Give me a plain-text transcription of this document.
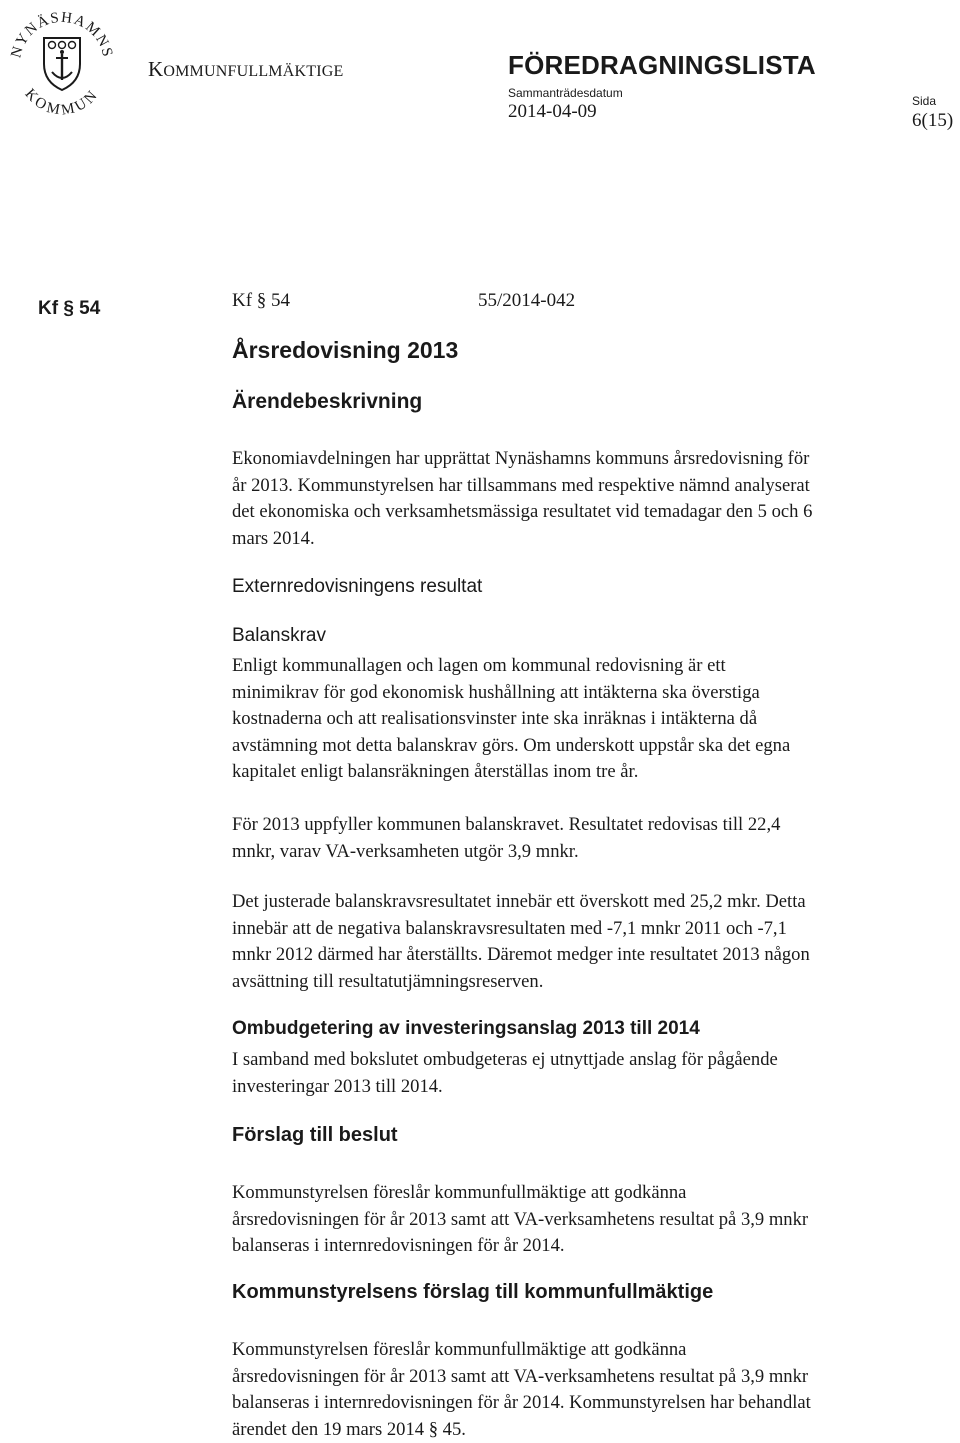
NYNÄSHAMNS
KOMMUN
KOMMUNFULLMÄKTIGE	FÖREDRAGNINGSLISTA
Sammanträdesdatum
2014-04-09	Sida
6(15)
Kf § 54	Kf § 54	55/2014-042
Årsredovisning 2013
Ärendebeskrivning
Ekonomiavdelningen har upprättat Nynäshamns kommuns årsredovisning för
år 2013. Kommunstyrelsen har tillsammans med respektive nämnd analyserat
det ekonomiska och verksamhetsmässiga resultatet vid temadagar den 5 och 6
mars 2014.
Externredovisningens resultat
Balanskrav
Enligt kommunallagen och lagen om kommunal redovisning är ett
minimikrav för god ekonomisk hushållning att intäkterna ska överstiga
kostnaderna och att realisationsvinster inte ska inräknas i intäkterna då
avstämning mot detta balanskrav görs. Om underskott uppstår ska det egna
kapitalet enligt balansräkningen återställas inom tre år.
För 2013 uppfyller kommunen balanskravet. Resultatet redovisas till 22,4
mnkr, varav VA-verksamheten utgör 3,9 mnkr.
Det justerade balanskravsresultatet innebär ett överskott med 25,2 mkr. Detta
innebär att de negativa balanskravsresultaten med -7,1 mnkr 2011 och -7,1
mnkr 2012 därmed har återställts. Däremot medger inte resultatet 2013 någon
avsättning till resultatutjämningsreserven.
Ombudgetering av investeringsanslag 2013 till 2014
I samband med bokslutet ombudgeteras ej utnyttjade anslag för pågående
investeringar 2013 till 2014.
Förslag till beslut
Kommunstyrelsen föreslår kommunfullmäktige att godkänna
årsredovisningen för år 2013 samt att VA-verksamhetens resultat på 3,9 mnkr
balanseras i internredovisningen för år 2014.
Kommunstyrelsens förslag till kommunfullmäktige
Kommunstyrelsen föreslår kommunfullmäktige att godkänna
årsredovisningen för år 2013 samt att VA-verksamhetens resultat på 3,9 mnkr
balanseras i internredovisningen för år 2014. Kommunstyrelsen har behandlat
ärendet den 19 mars 2014 § 45.
